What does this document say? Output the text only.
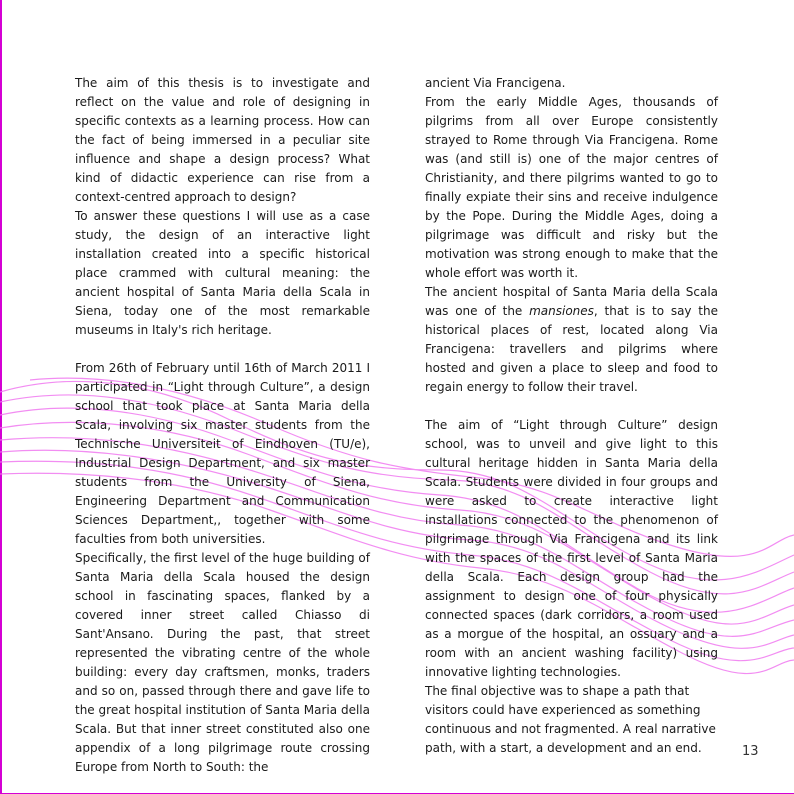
The aim of this thesis is to investigate and reflect on the value and role of designing in specific contexts as a learning process. How can the fact of being immersed in a peculiar site influence and shape a design process? What kind of didactic experience can rise from a context-centred approach to design?

To answer these questions I will use as a case study, the design of an interactive light installation created into a specific historical place crammed with cultural meaning: the ancient hospital of Santa Maria della Scala in Siena, today one of the most remarkable museums in Italy's rich heritage.

From 26th of February until 16th of March 2011 I participated in “Light through Culture”, a design school that took place at Santa Maria della Scala, involving six master students from the Technische Universiteit of Eindhoven (TU/e), Industrial Design Department, and six master students from the University of Siena, Engineering Department and Communication Sciences Department,, together with some faculties from both universities.

Specifically, the first level of the huge building of Santa Maria della Scala housed the design school in fascinating spaces, flanked by a covered inner street called Chiasso di Sant'Ansano. During the past, that street represented the vibrating centre of the whole building: every day craftsmen, monks, traders and so on, passed through there and gave life to the great hospital institution of Santa Maria della Scala. But that inner street constituted also one appendix of a long pilgrimage route crossing Europe from North to South: the

ancient Via Francigena.

From the early Middle Ages, thousands of pilgrims from all over Europe consistently strayed to Rome through Via Francigena. Rome was (and still is) one of the major centres of Christianity, and there pilgrims wanted to go to finally expiate their sins and receive indulgence by the Pope. During the Middle Ages, doing a pilgrimage was difficult and risky but the motivation was strong enough to make that the whole effort was worth it.

The ancient hospital of Santa Maria della Scala was one of the mansiones, that is to say the historical places of rest, located along Via Francigena: travellers and pilgrims where hosted and given a place to sleep and food to regain energy to follow their travel.

The aim of “Light through Culture” design school, was to unveil and give light to this cultural heritage hidden in Santa Maria della Scala. Students were divided in four groups and were asked to create interactive light installations connected to the phenomenon of pilgrimage through Via Francigena and its link with the spaces of the first level of Santa Maria della Scala. Each design group had the assignment to design one of four physically connected spaces (dark corridors, a room used as a morgue of the hospital, an ossuary and a room with an ancient washing facility) using innovative lighting technologies.

The final objective was to shape a path that visitors could have experienced as something continuous and not fragmented. A real narrative path, with a start, a development and an end.	13
